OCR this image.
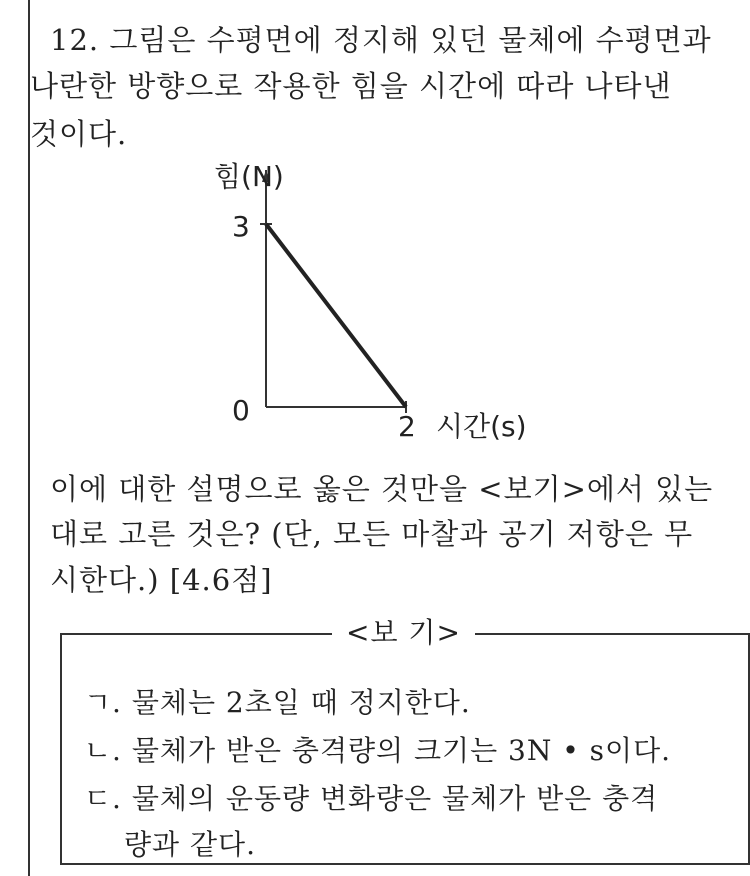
12. 그림은 수평면에 정지해 있던 물체에 수평면과
나란한 방향으로 작용한 힘을 시간에 따라 나타낸
것이다.
힘(N)
3
0	2 시간(s)
이에 대한 설명으로 옳은 것만을 <보기>에서 있는
대로 고른 것은? (단, 모든 마찰과 공기 저항은 무
시한다.) [4.6점]
<보 기>
ㄱ. 물체는 2초일 때 정지한다.
ㄴ. 물체가 받은 충격량의 크기는 3N • s이다.
ㄷ. 물체의 운동량 변화량은 물체가 받은 충격
량과 같다.
